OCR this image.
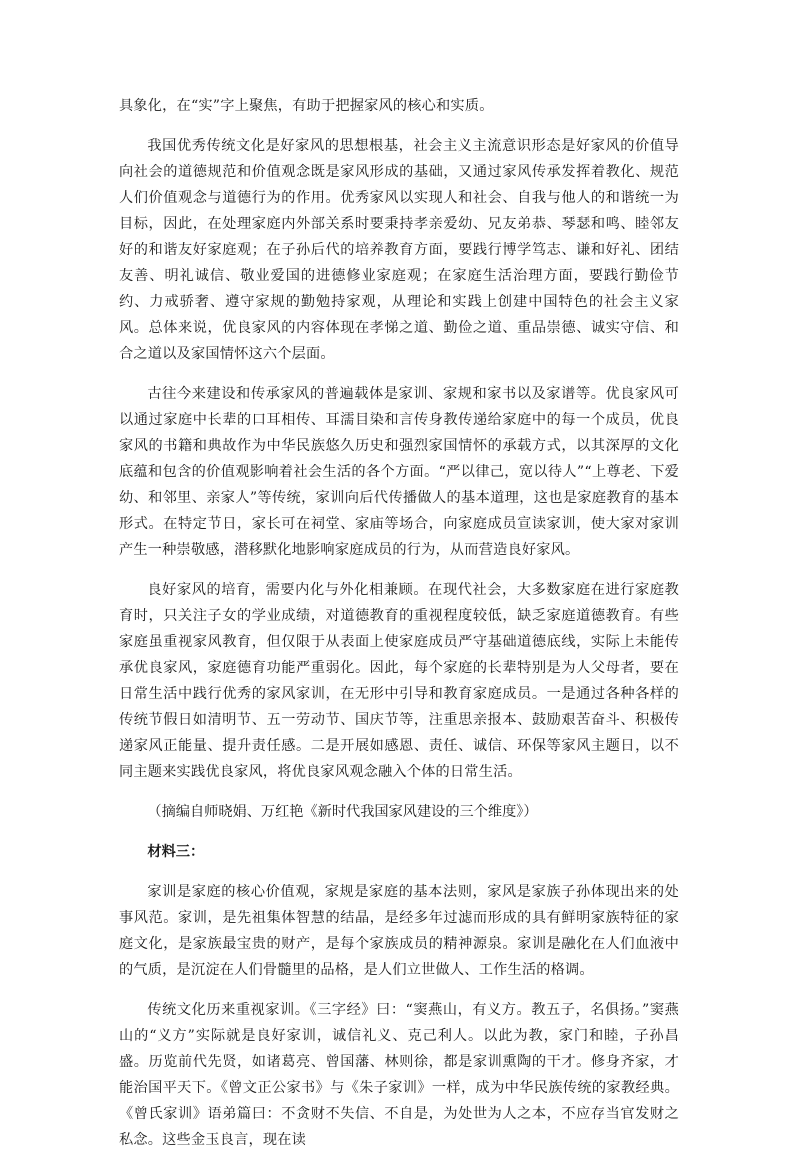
具象化，在“实”字上聚焦，有助于把握家风的核心和实质。

我国优秀传统文化是好家风的思想根基，社会主义主流意识形态是好家风的价值导向社会的道德规范和价值观念既是家风形成的基础，又通过家风传承发挥着教化、规范人们价值观念与道德行为的作用。优秀家风以实现人和社会、自我与他人的和谐统一为目标，因此，在处理家庭内外部关系时要秉持孝亲爱幼、兄友弟恭、琴瑟和鸣、睦邻友好的和谐友好家庭观；在子孙后代的培养教育方面，要践行博学笃志、谦和好礼、团结友善、明礼诚信、敬业爱国的进德修业家庭观；在家庭生活治理方面，要践行勤俭节约、力戒骄奢、遵守家规的勤勉持家观，从理论和实践上创建中国特色的社会主义家风。总体来说，优良家风的内容体现在孝悌之道、勤俭之道、重品崇德、诚实守信、和合之道以及家国情怀这六个层面。

古往今来建设和传承家风的普遍载体是家训、家规和家书以及家谱等。优良家风可以通过家庭中长辈的口耳相传、耳濡目染和言传身教传递给家庭中的每一个成员，优良家风的书籍和典故作为中华民族悠久历史和强烈家国情怀的承载方式，以其深厚的文化底蕴和包含的价值观影响着社会生活的各个方面。“严以律己，宽以待人”“上尊老、下爱幼、和邻里、亲家人”等传统，家训向后代传播做人的基本道理，这也是家庭教育的基本形式。在特定节日，家长可在祠堂、家庙等场合，向家庭成员宣读家训，使大家对家训产生一种崇敬感，潜移默化地影响家庭成员的行为，从而营造良好家风。

良好家风的培育，需要内化与外化相兼顾。在现代社会，大多数家庭在进行家庭教育时，只关注子女的学业成绩，对道德教育的重视程度较低，缺乏家庭道德教育。有些家庭虽重视家风教育，但仅限于从表面上使家庭成员严守基础道德底线，实际上未能传承优良家风，家庭德育功能严重弱化。因此，每个家庭的长辈特别是为人父母者，要在日常生活中践行优秀的家风家训，在无形中引导和教育家庭成员。一是通过各种各样的传统节假日如清明节、五一劳动节、国庆节等，注重思亲报本、鼓励艰苦奋斗、积极传递家风正能量、提升责任感。二是开展如感恩、责任、诚信、环保等家风主题日，以不同主题来实践优良家风，将优良家风观念融入个体的日常生活。

（摘编自师晓娟、万红艳《新时代我国家风建设的三个维度》）

材料三：

家训是家庭的核心价值观，家规是家庭的基本法则，家风是家族子孙体现出来的处事风范。家训，是先祖集体智慧的结晶，是经多年过滤而形成的具有鲜明家族特征的家庭文化，是家族最宝贵的财产，是每个家族成员的精神源泉。家训是融化在人们血液中的气质，是沉淀在人们骨髓里的品格，是人们立世做人、工作生活的格调。

传统文化历来重视家训。《三字经》曰：“窦燕山，有义方。教五子，名俱扬。”窦燕山的“义方”实际就是良好家训，诚信礼义、克己利人。以此为教，家门和睦，子孙昌盛。历览前代先贤，如诸葛亮、曾国藩、林则徐，都是家训熏陶的干才。修身齐家，才能治国平天下。《曾文正公家书》与《朱子家训》一样，成为中华民族传统的家教经典。《曾氏家训》语弟篇曰：不贪财不失信、不自是，为处世为人之本，不应存当官发财之私念。这些金玉良言，现在读
